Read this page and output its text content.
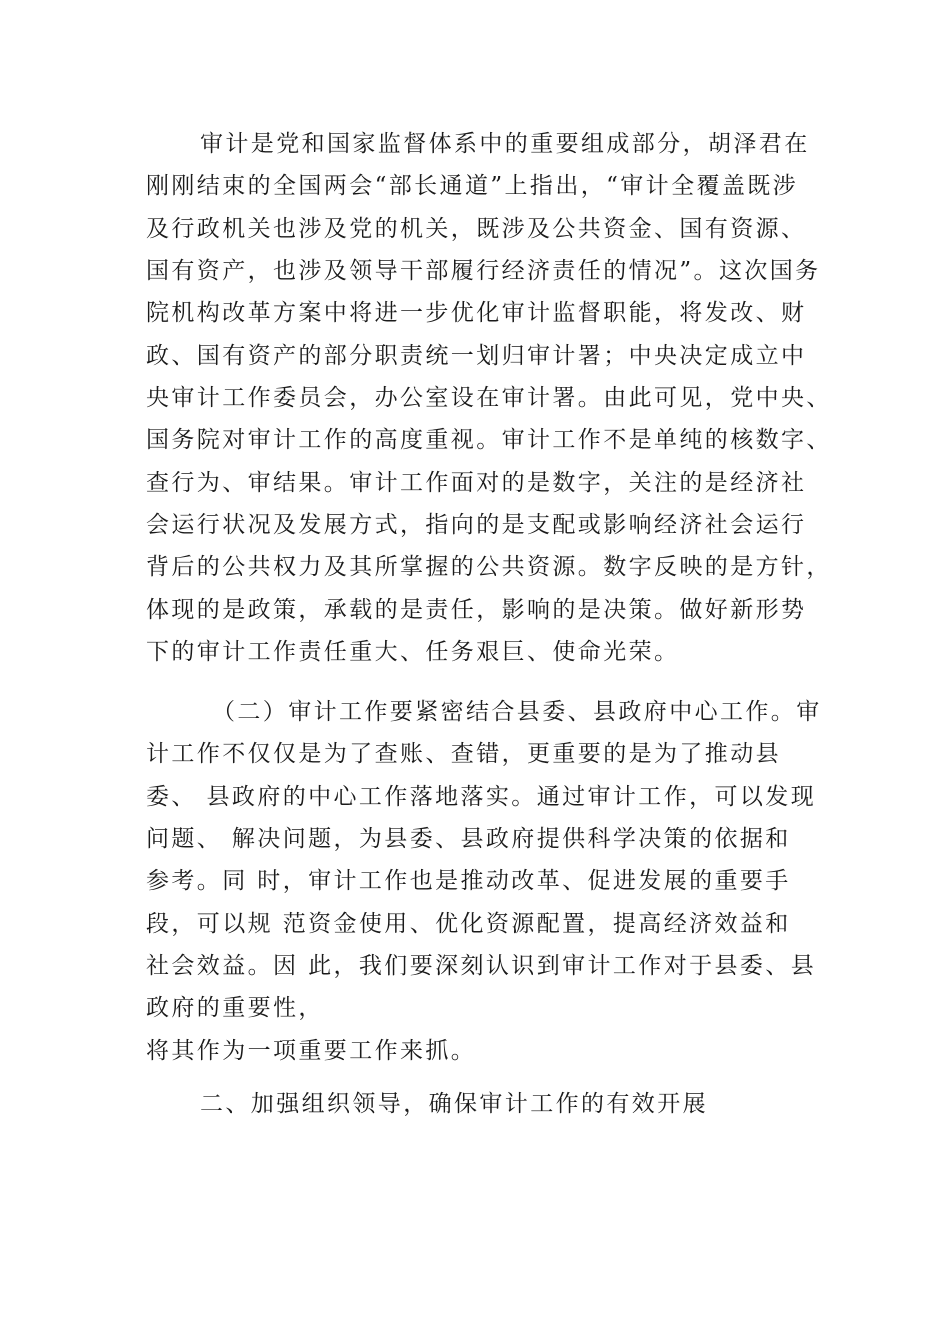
审计是党和国家监督体系中的重要组成部分，胡泽君在
刚刚结束的全国两会“部长通道”上指出，“审计全覆盖既涉
及行政机关也涉及党的机关，既涉及公共资金、国有资源、
国有资产，也涉及领导干部履行经济责任的情况”。这次国务
院机构改革方案中将进一步优化审计监督职能，将发改、财
政、国有资产的部分职责统一划归审计署；中央决定成立中
央审计工作委员会，办公室设在审计署。由此可见，党中央、
国务院对审计工作的高度重视。审计工作不是单纯的核数字、
查行为、审结果。审计工作面对的是数字，关注的是经济社
会运行状况及发展方式，指向的是支配或影响经济社会运行
背后的公共权力及其所掌握的公共资源。数字反映的是方针，
体现的是政策，承载的是责任，影响的是决策。做好新形势
下的审计工作责任重大、任务艰巨、使命光荣。
（二）审计工作要紧密结合县委、县政府中心工作。审
计工作不仅仅是为了查账、查错，更重要的是为了推动县
委、 县政府的中心工作落地落实。通过审计工作，可以发现
问题、 解决问题，为县委、县政府提供科学决策的依据和
参考。同 时，审计工作也是推动改革、促进发展的重要手
段，可以规 范资金使用、优化资源配置，提高经济效益和
社会效益。因 此，我们要深刻认识到审计工作对于县委、县
政府的重要性，
将其作为一项重要工作来抓。
二、加强组织领导，确保审计工作的有效开展
